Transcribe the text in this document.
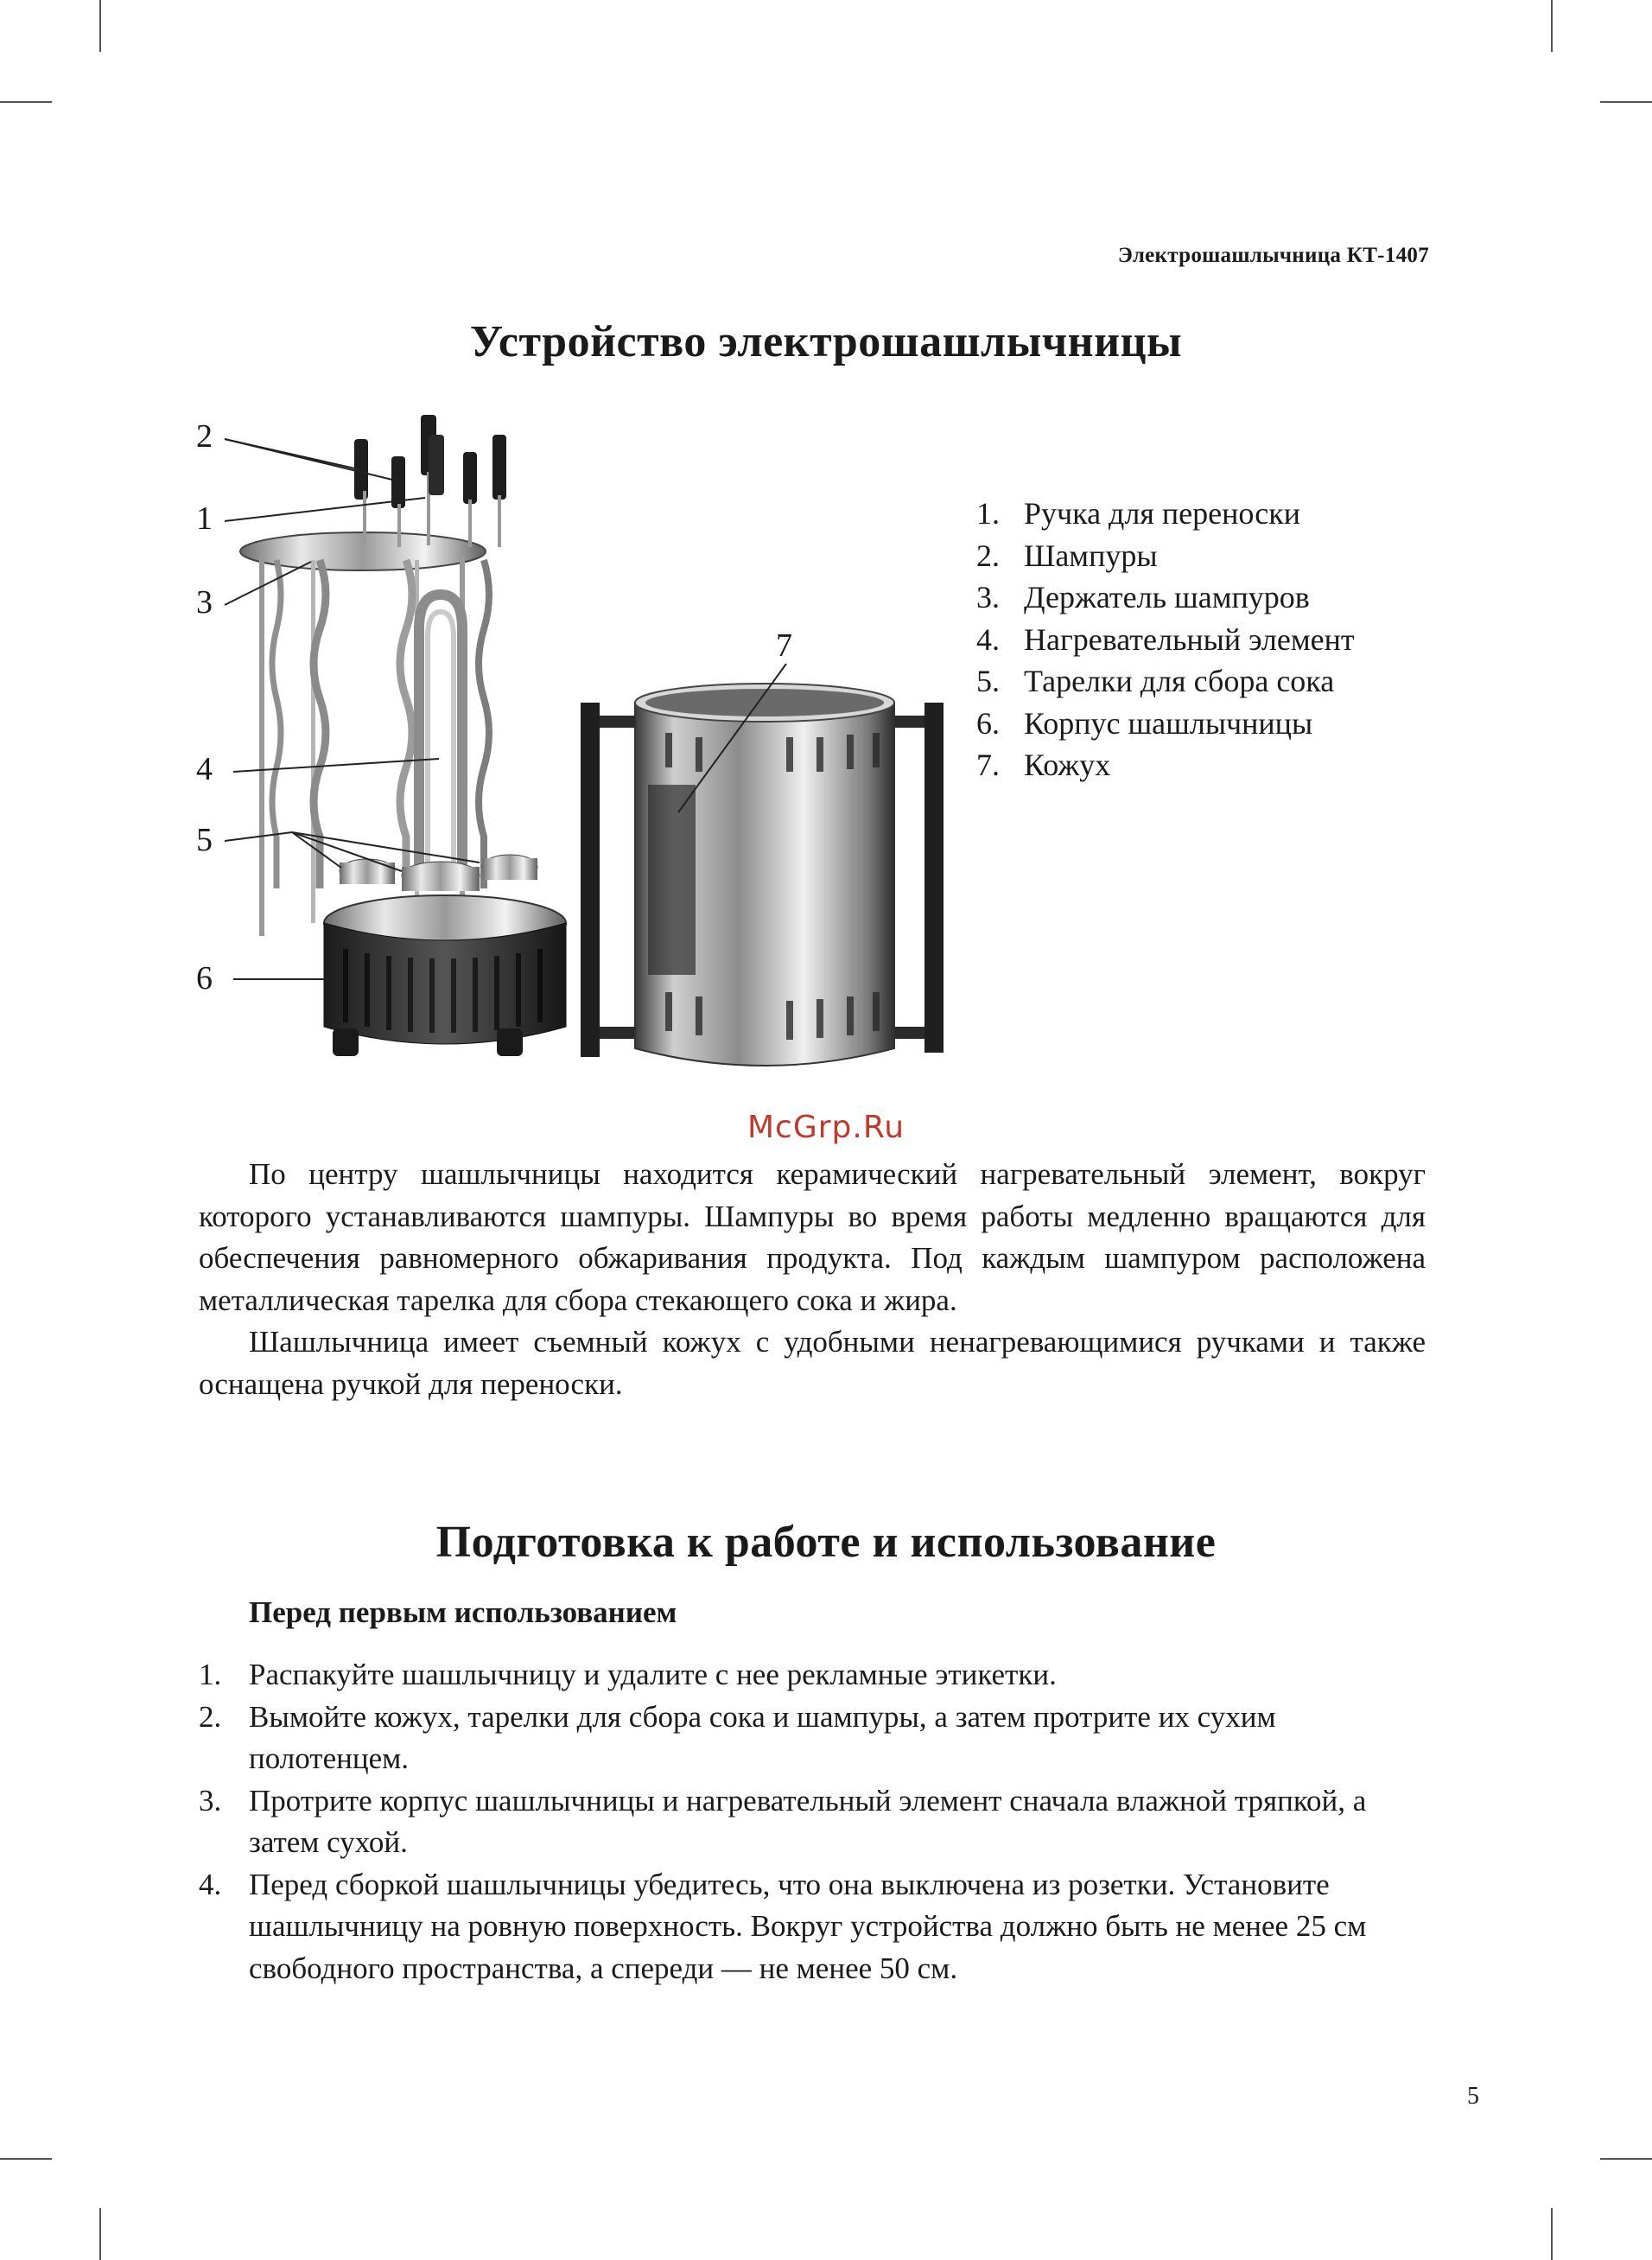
Электрошашлычница КТ-1407
Устройство электрошашлычницы
2
1
3
4
5
6
7
1. Ручка для переноски
2. Шампуры
3. Держатель шампуров
4. Нагревательный элемент
5. Тарелки для сбора сока
6. Корпус шашлычницы
7. Кожух
McGrp.Ru

По центру шашлычницы находится керамический нагревательный элемент, вокруг которого устанавливаются шампуры. Шампуры во время работы медленно вращаются для обеспечения равномерного обжаривания продукта. Под каждым шампуром расположена металлическая тарелка для сбора стекающего сока и жира.

Шашлычница имеет съемный кожух с удобными ненагревающимися ручками и также оснащена ручкой для переноски.

Подготовка к работе и использование
Перед первым использованием
1. Распакуйте шашлычницу и удалите с нее рекламные этикетки.
2. Вымойте кожух, тарелки для сбора сока и шампуры, а затем протрите их сухим полотенцем.
3. Протрите корпус шашлычницы и нагревательный элемент сначала влажной тряпкой, а затем сухой.
4. Перед сборкой шашлычницы убедитесь, что она выключена из розетки. Установите шашлычницу на ровную поверхность. Вокруг устройства должно быть не менее 25 см свободного пространства, а спереди — не менее 50 см.
5
